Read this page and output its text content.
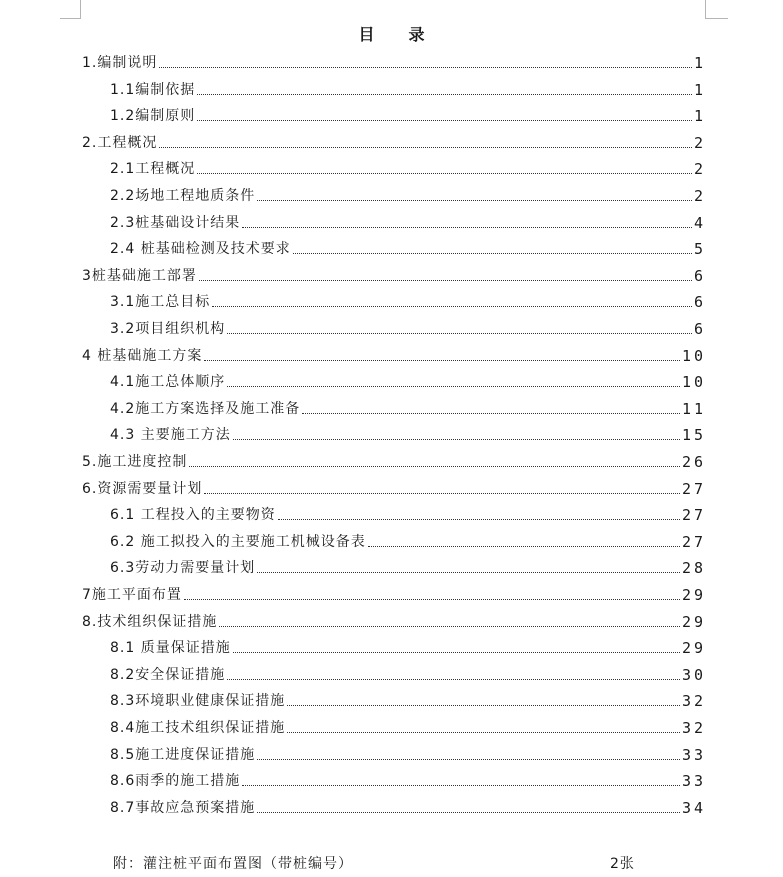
目 录
1.编制说明	1
1.1编制依据	1
1.2编制原则	1
2.工程概况	2
2.1工程概况	2
2.2场地工程地质条件	2
2.3桩基础设计结果	4
2.4 桩基础检测及技术要求	5
3桩基础施工部署	6
3.1施工总目标	6
3.2项目组织机构	6
4 桩基础施工方案	10
4.1施工总体顺序	10
4.2施工方案选择及施工准备	11
4.3 主要施工方法	15
5.施工进度控制	26
6.资源需要量计划	27
6.1 工程投入的主要物资	27
6.2 施工拟投入的主要施工机械设备表	27
6.3劳动力需要量计划	28
7施工平面布置	29
8.技术组织保证措施	29
8.1 质量保证措施	29
8.2安全保证措施	30
8.3环境职业健康保证措施	32
8.4施工技术组织保证措施	32
8.5施工进度保证措施	33
8.6雨季的施工措施	33
8.7事故应急预案措施	34
附：灌注桩平面布置图（带桩编号）	2张
